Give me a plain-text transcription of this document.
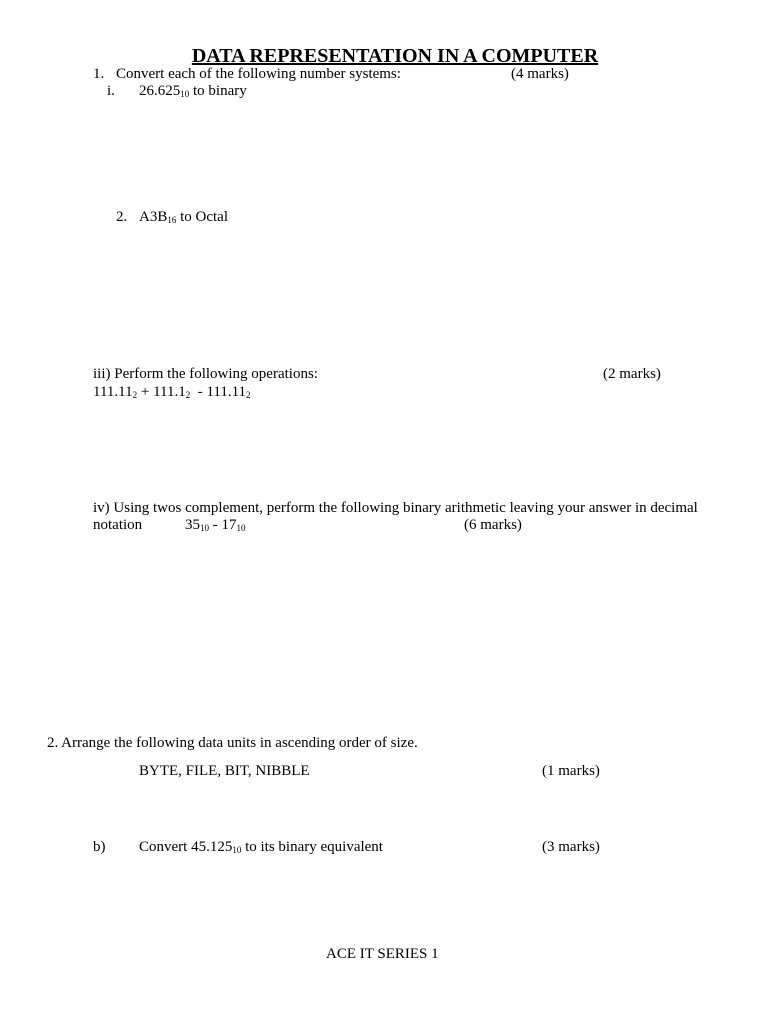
DATA REPRESENTATION IN A COMPUTER
1. Convert each of the following number systems:	(4 marks)
i. $26.625_{10}$ to binary
2. $A3B_{16}$ to Octal
iii) Perform the following operations:	(2 marks)
$111.11_2 + 111.1_2 - 111.11_2$
iv) Using twos complement, perform the following binary arithmetic leaving your answer in decimal
notation	$35_{10} - 17_{10}$	(6 marks)
2. Arrange the following data units in ascending order of size.
BYTE, FILE, BIT, NIBBLE	(1 marks)
b) Convert $45.125_{10}$ to its binary equivalent	(3 marks)
ACE IT SERIES 1
